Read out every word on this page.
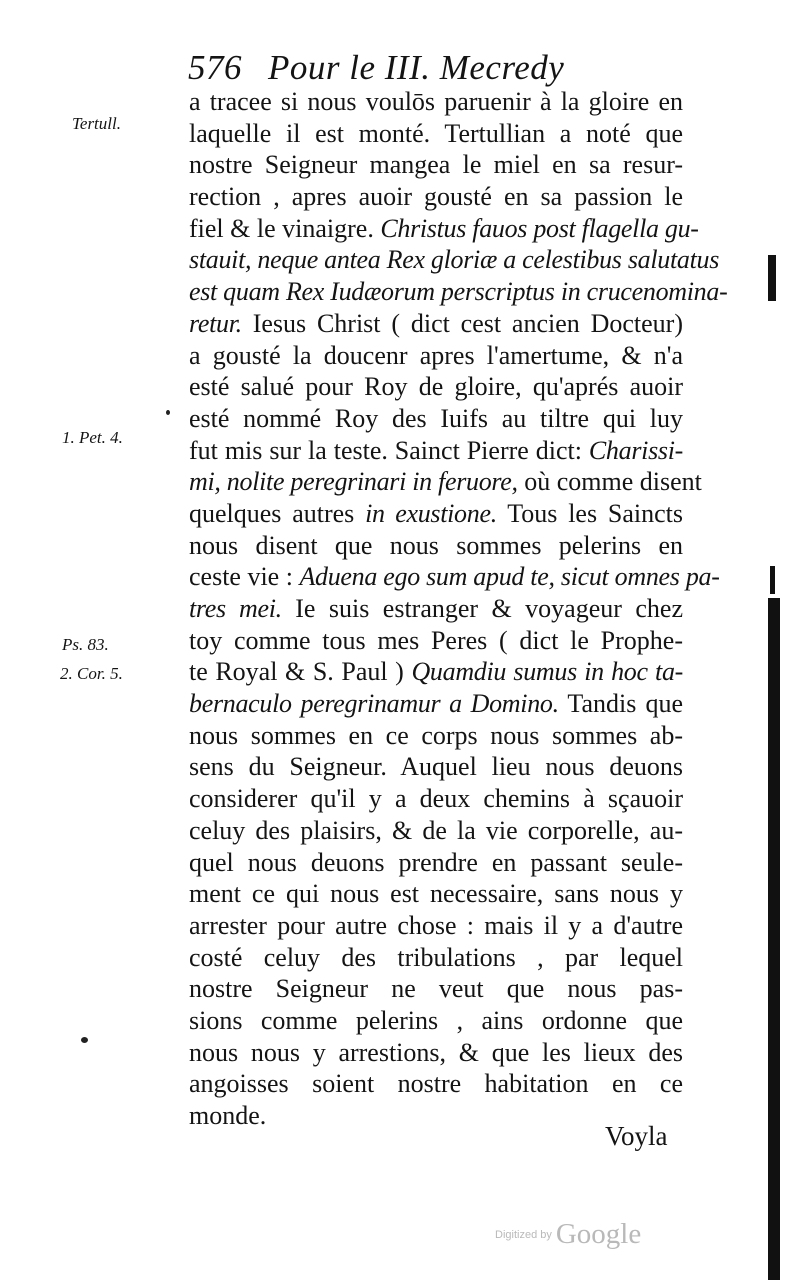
576 Pour le III. Mecredy
Tertull.
1. Pet. 4.
Ps. 83.
2. Cor. 5.
a tracee si nous voulōs paruenir à la gloire en
laquelle il est monté. Tertullian a noté que
nostre Seigneur mangea le miel en sa resur-
rection , apres auoir gousté en sa passion le
fiel & le vinaigre. Christus fauos post flagella gu-
stauit, neque antea Rex gloriæ a celestibus salutatus
est quam Rex Iudæorum perscriptus in crucenomina-
retur. Iesus Christ ( dict cest ancien Docteur)
a gousté la doucenr apres l'amertume, & n'a
esté salué pour Roy de gloire, qu'aprés auoir
esté nommé Roy des Iuifs au tiltre qui luy
fut mis sur la teste. Sainct Pierre dict: Charissi-
mi, nolite peregrinari in feruore, où comme disent
quelques autres in exustione. Tous les Saincts
nous disent que nous sommes pelerins en
ceste vie : Aduena ego sum apud te, sicut omnes pa-
tres mei. Ie suis estranger & voyageur chez
toy comme tous mes Peres ( dict le Prophe-
te Royal & S. Paul ) Quamdiu sumus in hoc ta-
bernaculo peregrinamur a Domino. Tandis que
nous sommes en ce corps nous sommes ab-
sens du Seigneur. Auquel lieu nous deuons
considerer qu'il y a deux chemins à sçauoir
celuy des plaisirs, & de la vie corporelle, au-
quel nous deuons prendre en passant seule-
ment ce qui nous est necessaire, sans nous y
arrester pour autre chose : mais il y a d'autre
costé celuy des tribulations , par lequel
nostre Seigneur ne veut que nous pas-
sions comme pelerins , ains ordonne que
nous nous y arrestions, & que les lieux des
angoisses soient nostre habitation en ce
monde.
Voyla
Digitized by Google
